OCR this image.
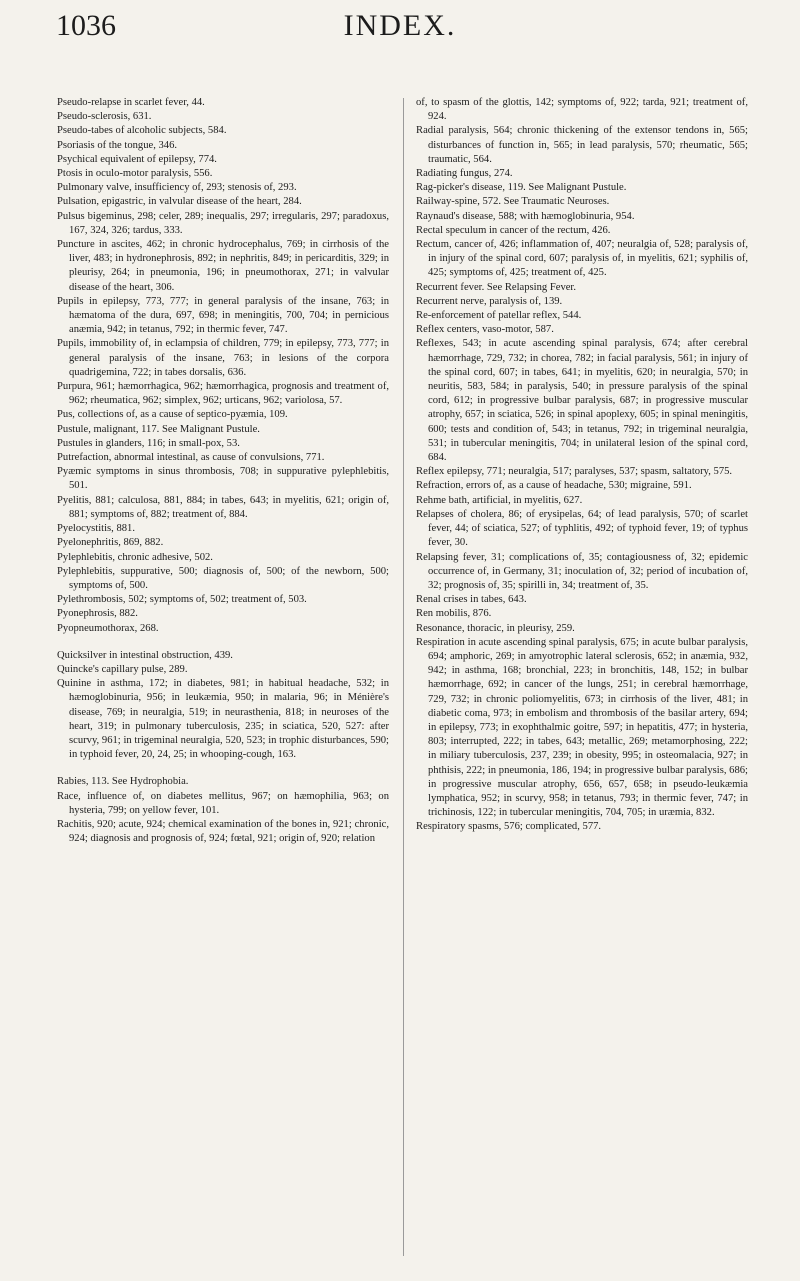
1036	INDEX.

Pseudo-relapse in scarlet fever, 44.

Pseudo-sclerosis, 631.

Pseudo-tabes of alcoholic subjects, 584.

Psoriasis of the tongue, 346.

Psychical equivalent of epilepsy, 774.

Ptosis in oculo-motor paralysis, 556.

Pulmonary valve, insufficiency of, 293; stenosis of, 293.

Pulsation, epigastric, in valvular disease of the heart, 284.

Pulsus bigeminus, 298; celer, 289; inequalis, 297; irregularis, 297; paradoxus, 167, 324, 326; tardus, 333.

Puncture in ascites, 462; in chronic hydrocephalus, 769; in cirrhosis of the liver, 483; in hydronephrosis, 892; in nephritis, 849; in pericarditis, 329; in pleurisy, 264; in pneumonia, 196; in pneumothorax, 271; in valvular disease of the heart, 306.

Pupils in epilepsy, 773, 777; in general paralysis of the insane, 763; in hæmatoma of the dura, 697, 698; in meningitis, 700, 704; in pernicious anæmia, 942; in tetanus, 792; in thermic fever, 747.

Pupils, immobility of, in eclampsia of children, 779; in epilepsy, 773, 777; in general paralysis of the insane, 763; in lesions of the corpora quadrigemina, 722; in tabes dorsalis, 636.

Purpura, 961; hæmorrhagica, 962; hæmorrhagica, prognosis and treatment of, 962; rheumatica, 962; simplex, 962; urticans, 962; variolosa, 57.

Pus, collections of, as a cause of septico-pyæmia, 109.

Pustule, malignant, 117. See Malignant Pustule.

Pustules in glanders, 116; in small-pox, 53.

Putrefaction, abnormal intestinal, as cause of convulsions, 771.

Pyæmic symptoms in sinus thrombosis, 708; in suppurative pylephlebitis, 501.

Pyelitis, 881; calculosa, 881, 884; in tabes, 643; in myelitis, 621; origin of, 881; symptoms of, 882; treatment of, 884.

Pyelocystitis, 881.

Pyelonephritis, 869, 882.

Pylephlebitis, chronic adhesive, 502.

Pylephlebitis, suppurative, 500; diagnosis of, 500; of the newborn, 500; symptoms of, 500.

Pylethrombosis, 502; symptoms of, 502; treatment of, 503.

Pyonephrosis, 882.

Pyopneumothorax, 268.

Quicksilver in intestinal obstruction, 439.

Quincke's capillary pulse, 289.

Quinine in asthma, 172; in diabetes, 981; in habitual headache, 532; in hæmoglobinuria, 956; in leukæmia, 950; in malaria, 96; in Ménière's disease, 769; in neuralgia, 519; in neurasthenia, 818; in neuroses of the heart, 319; in pulmonary tuberculosis, 235; in sciatica, 520, 527: after scurvy, 961; in trigeminal neuralgia, 520, 523; in trophic disturbances, 590; in typhoid fever, 20, 24, 25; in whooping-cough, 163.

Rabies, 113. See Hydrophobia.

Race, influence of, on diabetes mellitus, 967; on hæmophilia, 963; on hysteria, 799; on yellow fever, 101.

Rachitis, 920; acute, 924; chemical examination of the bones in, 921; chronic, 924; diagnosis and prognosis of, 924; fœtal, 921; origin of, 920; relation

of, to spasm of the glottis, 142; symptoms of, 922; tarda, 921; treatment of, 924.

Radial paralysis, 564; chronic thickening of the extensor tendons in, 565; disturbances of function in, 565; in lead paralysis, 570; rheumatic, 565; traumatic, 564.

Radiating fungus, 274.

Rag-picker's disease, 119. See Malignant Pustule.

Railway-spine, 572. See Traumatic Neuroses.

Raynaud's disease, 588; with hæmoglobinuria, 954.

Rectal speculum in cancer of the rectum, 426.

Rectum, cancer of, 426; inflammation of, 407; neuralgia of, 528; paralysis of, in injury of the spinal cord, 607; paralysis of, in myelitis, 621; syphilis of, 425; symptoms of, 425; treatment of, 425.

Recurrent fever. See Relapsing Fever.

Recurrent nerve, paralysis of, 139.

Re-enforcement of patellar reflex, 544.

Reflex centers, vaso-motor, 587.

Reflexes, 543; in acute ascending spinal paralysis, 674; after cerebral hæmorrhage, 729, 732; in chorea, 782; in facial paralysis, 561; in injury of the spinal cord, 607; in tabes, 641; in myelitis, 620; in neuralgia, 570; in neuritis, 583, 584; in paralysis, 540; in pressure paralysis of the spinal cord, 612; in progressive bulbar paralysis, 687; in progressive muscular atrophy, 657; in sciatica, 526; in spinal apoplexy, 605; in spinal meningitis, 600; tests and condition of, 543; in tetanus, 792; in trigeminal neuralgia, 531; in tubercular meningitis, 704; in unilateral lesion of the spinal cord, 684.

Reflex epilepsy, 771; neuralgia, 517; paralyses, 537; spasm, saltatory, 575.

Refraction, errors of, as a cause of headache, 530; migraine, 591.

Rehme bath, artificial, in myelitis, 627.

Relapses of cholera, 86; of erysipelas, 64; of lead paralysis, 570; of scarlet fever, 44; of sciatica, 527; of typhlitis, 492; of typhoid fever, 19; of typhus fever, 30.

Relapsing fever, 31; complications of, 35; contagiousness of, 32; epidemic occurrence of, in Germany, 31; inoculation of, 32; period of incubation of, 32; prognosis of, 35; spirilli in, 34; treatment of, 35.

Renal crises in tabes, 643.

Ren mobilis, 876.

Resonance, thoracic, in pleurisy, 259.

Respiration in acute ascending spinal paralysis, 675; in acute bulbar paralysis, 694; amphoric, 269; in amyotrophic lateral sclerosis, 652; in anæmia, 932, 942; in asthma, 168; bronchial, 223; in bronchitis, 148, 152; in bulbar hæmorrhage, 692; in cancer of the lungs, 251; in cerebral hæmorrhage, 729, 732; in chronic poliomyelitis, 673; in cirrhosis of the liver, 481; in diabetic coma, 973; in embolism and thrombosis of the basilar artery, 694; in epilepsy, 773; in exophthalmic goitre, 597; in hepatitis, 477; in hysteria, 803; interrupted, 222; in tabes, 643; metallic, 269; metamorphosing, 222; in miliary tuberculosis, 237, 239; in obesity, 995; in osteomalacia, 927; in phthisis, 222; in pneumonia, 186, 194; in progressive bulbar paralysis, 686; in progressive muscular atrophy, 656, 657, 658; in pseudo-leukæmia lymphatica, 952; in scurvy, 958; in tetanus, 793; in thermic fever, 747; in trichinosis, 122; in tubercular meningitis, 704, 705; in uræmia, 832.

Respiratory spasms, 576; complicated, 577.
